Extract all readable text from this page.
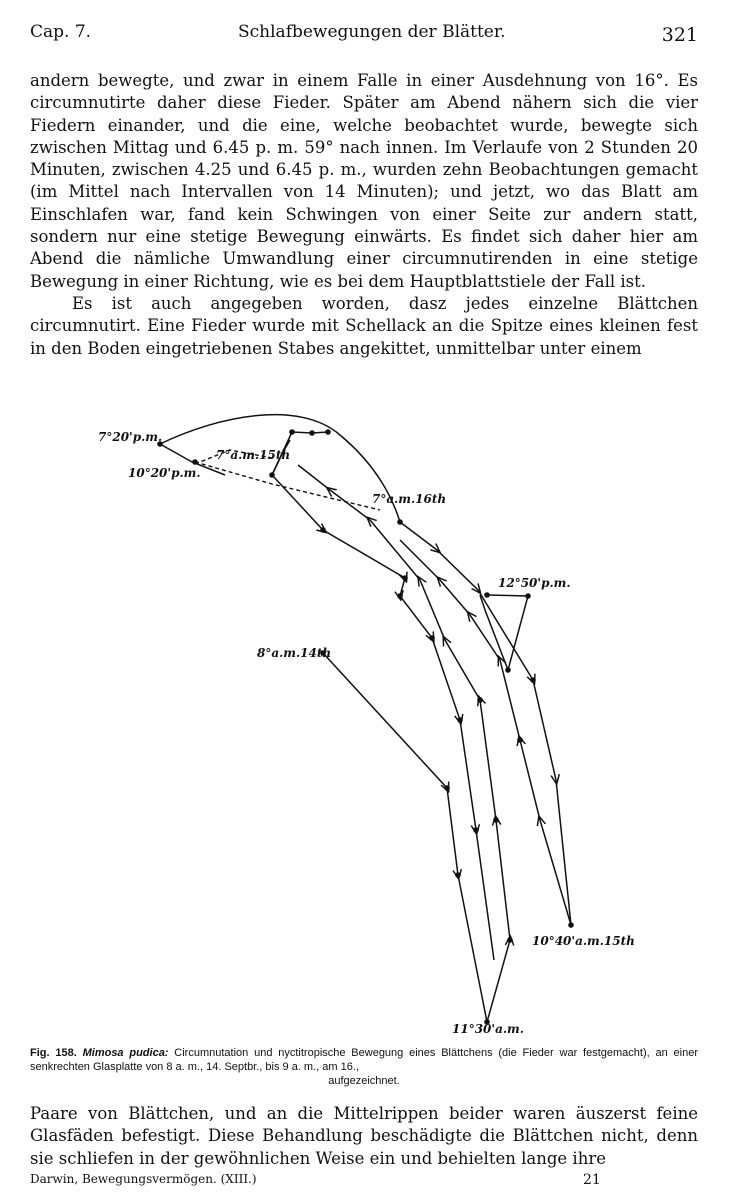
Cap. 7.	Schlafbewegungen der Blätter.	321

andern bewegte, und zwar in einem Falle in einer Ausdehnung von 16°. Es circumnutirte daher diese Fieder. Später am Abend nähern sich die vier Fiedern einander, und die eine, welche beobachtet wurde, bewegte sich zwischen Mittag und 6.45 p. m. 59° nach innen. Im Verlaufe von 2 Stunden 20 Minuten, zwischen 4.25 und 6.45 p. m., wurden zehn Beobachtungen gemacht (im Mittel nach Intervallen von 14 Minuten); und jetzt, wo das Blatt am Einschlafen war, fand kein Schwingen von einer Seite zur andern statt, sondern nur eine stetige Bewegung einwärts. Es findet sich daher hier am Abend die nämliche Umwandlung einer circumnutirenden in eine stetige Bewegung in einer Richtung, wie es bei dem Hauptblattstiele der Fall ist.

Es ist auch angegeben worden, dasz jedes einzelne Blättchen circumnutirt. Eine Fieder wurde mit Schellack an die Spitze eines kleinen fest in den Boden eingetriebenen Stabes angekittet, unmittelbar unter einem

7°20'p.m.
7°a.m.15th
10°20'p.m.
7°a.m.16th
12°50'p.m.
8°a.m.14th
10°40'a.m.15th
11°30'a.m.
Fig. 158. Mimosa pudica: Circumnutation und nyctitropische Bewegung eines Blättchens (die Fieder war festgemacht), an einer senkrechten Glasplatte von 8 a. m., 14. Septbr., bis 9 a. m., am 16.,
aufgezeichnet.

Paare von Blättchen, und an die Mittelrippen beider waren äuszerst feine Glasfäden befestigt. Diese Behandlung beschädigte die Blättchen nicht, denn sie schliefen in der gewöhnlichen Weise ein und behielten lange ihre

Darwin, Bewegungsvermögen. (XIII.)	21
